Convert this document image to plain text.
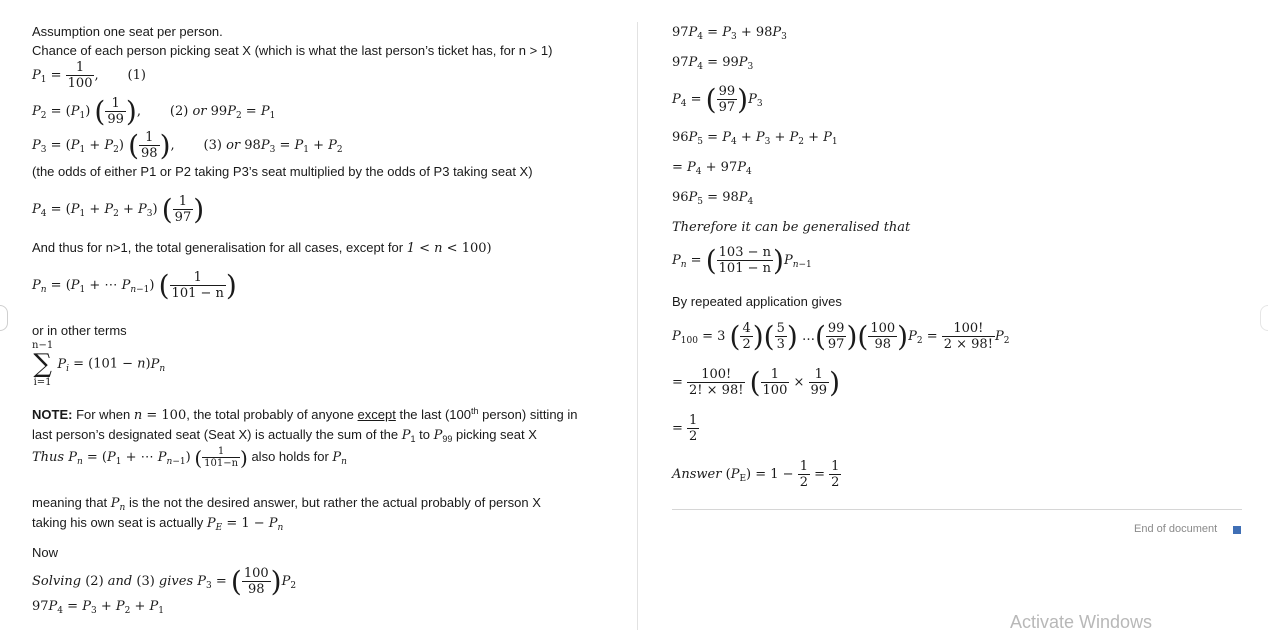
Assumption one seat per person.
Chance of each person picking seat X (which is what the last person’s ticket has, for n > 1)
$P_1 = \frac{1}{100}$ ,       (1)
$P_2 = (P_1)$ ( $\frac{1}{99}$ ),       (2) or $99P_2 = P_1$
$P_3 = (P_1 + P_2)$ ( $\frac{1}{98}$ ),       (3) or $98P_3 = P_1 + P_2$
(the odds of either P1 or P2 taking P3’s seat multiplied by the odds of P3 taking seat X)
$P_4 = (P_1 + P_2 + P_3)$ ( $\frac{1}{97}$ )
And thus for n>1, the total generalisation for all cases, except for 1 < n < 100)
$P_n = (P_1$ + ⋯ $P_{n-1}$) ( $\frac{1}{101 - n}$ )
or in other terms
n−1
∑
i=1
$P_i = (101 - n)P_n$
NOTE: For when n = 100, the total probably of anyone except the last (100th person) sitting in
last person’s designated seat (Seat X) is actually the sum of the $P_1$ to $P_{99}$ picking seat X
Thus $P_n = (P_1$ + ⋯ $P_{n-1}$) ( $\frac{1}{101-n}$ ) also holds for $P_n$
meaning that $P_n$ is the not the desired answer, but rather the actual probably of person X
taking his own seat is actually $P_E = 1 - P_n$
Now
Solving (2) and (3) gives $P_3$ = ( $\frac{100}{98} )P_2$
$97P_4 = P_3 + P_2 + P_1$
$97P_4 = P_3 + 98P_3$
$97P_4 = 99P_3$
$P_4$ = ( $\frac{99}{97} )P_3$
$96P_5 = P_4 + P_3 + P_2 + P_1$
= $P_4 + 97P_4$
$96P_5 = 98P_4$
Therefore it can be generalised that
$P_n$ = ( $\frac{103 - n}{101 - n} )P_{n-1}$
By repeated application gives
$P_{100} = 3$ ( $\frac{4}{2}$ )( $\frac{5}{3}$ ) …( $\frac{99}{97}$ )( $\frac{100}{98} )P_2 = \frac{100!}{2 \times 98!} P_2$
= $\frac{100!}{2! \times 98!}$ ( $\frac{1}{100} \times \frac{1}{99}$ )
= $\frac{1}{2}$
Answer $(P_E) = 1 - \frac{1}{2} = \frac{1}{2}$
End of document
Activate Windows
